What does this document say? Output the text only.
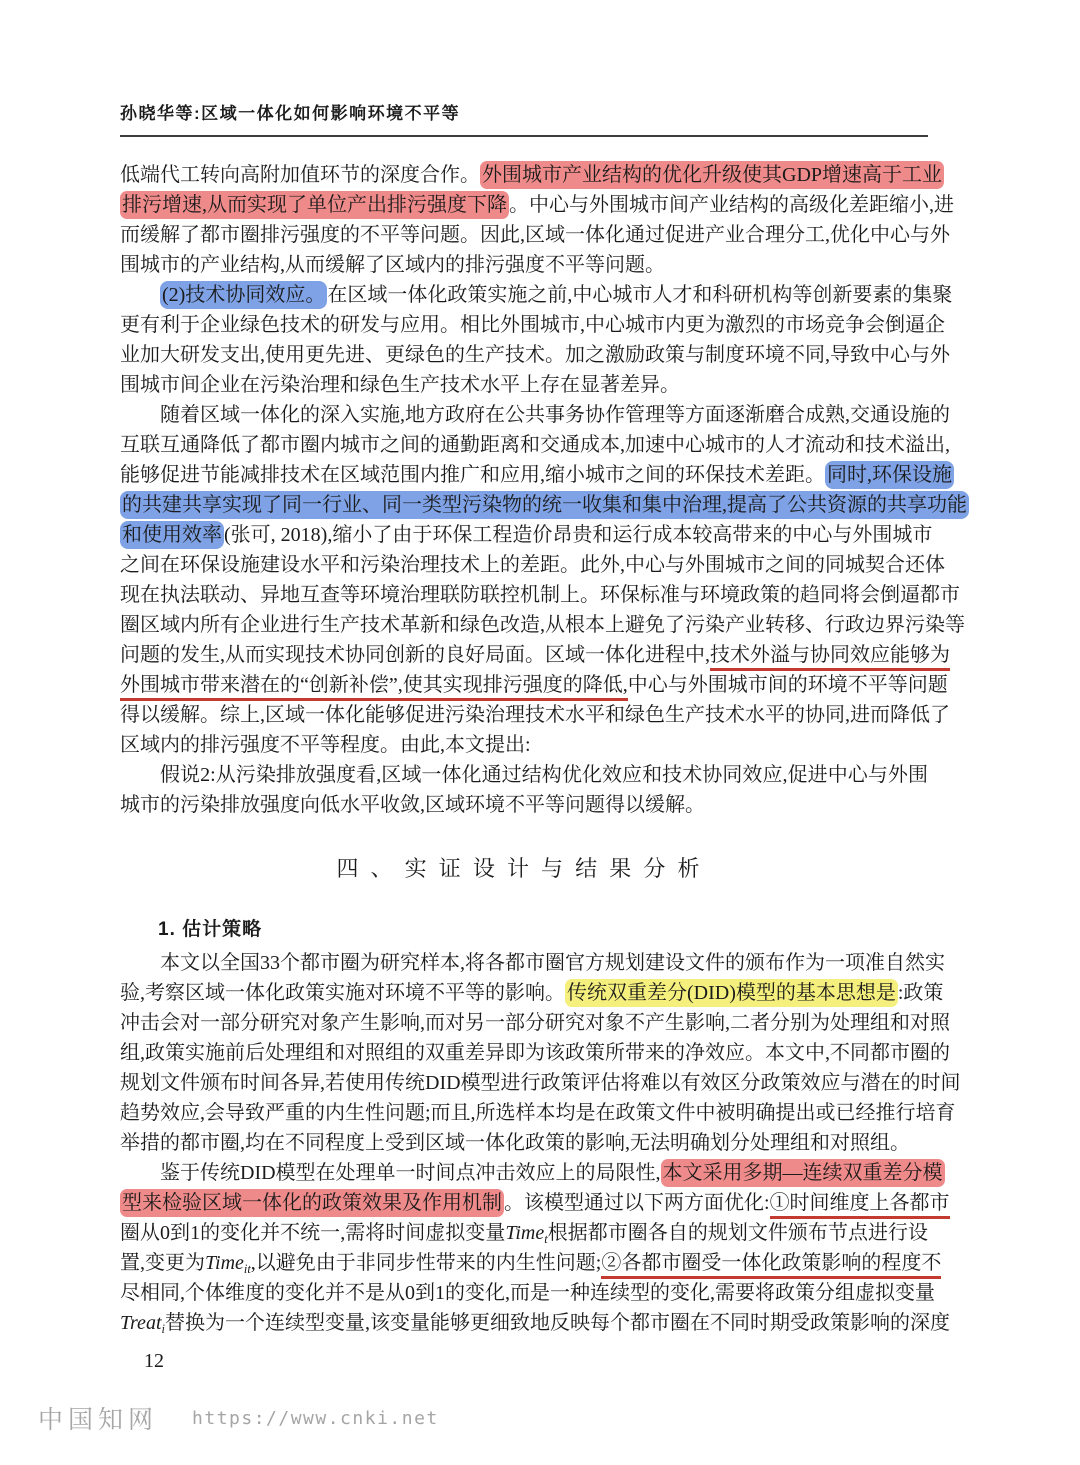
孙晓华等:区域一体化如何影响环境不平等
低端代工转向高附加值环节的深度合作。 外围城市产业结构的优化升级使其GDP增速高于工业
排污增速,从而实现了单位产出排污强度下降 。中心与外围城市间产业结构的高级化差距缩小,进
而缓解了都市圈排污强度的不平等问题。因此,区域一体化通过促进产业合理分工,优化中心与外
围城市的产业结构,从而缓解了区域内的排污强度不平等问题。
(2)技术协同效应。 在区域一体化政策实施之前,中心城市人才和科研机构等创新要素的集聚
更有利于企业绿色技术的研发与应用。相比外围城市,中心城市内更为激烈的市场竞争会倒逼企
业加大研发支出,使用更先进、更绿色的生产技术。加之激励政策与制度环境不同,导致中心与外
围城市间企业在污染治理和绿色生产技术水平上存在显著差异。
随着区域一体化的深入实施,地方政府在公共事务协作管理等方面逐渐磨合成熟,交通设施的
互联互通降低了都市圈内城市之间的通勤距离和交通成本,加速中心城市的人才流动和技术溢出,
能够促进节能减排技术在区域范围内推广和应用,缩小城市之间的环保技术差距。 同时,环保设施
的共建共享实现了同一行业、同一类型污染物的统一收集和集中治理,提高了公共资源的共享功能
和使用效率 (张可, 2018),缩小了由于环保工程造价昂贵和运行成本较高带来的中心与外围城市
之间在环保设施建设水平和污染治理技术上的差距。此外,中心与外围城市之间的同城契合还体
现在执法联动、异地互查等环境治理联防联控机制上。环保标准与环境政策的趋同将会倒逼都市
圈区域内所有企业进行生产技术革新和绿色改造,从根本上避免了污染产业转移、行政边界污染等
问题的发生,从而实现技术协同创新的良好局面。区域一体化进程中,技术外溢与协同效应能够为
外围城市带来潜在的“创新补偿”,使其实现排污强度的降低,中心与外围城市间的环境不平等问题
得以缓解。综上,区域一体化能够促进污染治理技术水平和绿色生产技术水平的协同,进而降低了
区域内的排污强度不平等程度。由此,本文提出:
假说2:从污染排放强度看,区域一体化通过结构优化效应和技术协同效应,促进中心与外围
城市的污染排放强度向低水平收敛,区域环境不平等问题得以缓解。
四、实证设计与结果分析
1. 估计策略
本文以全国33个都市圈为研究样本,将各都市圈官方规划建设文件的颁布作为一项准自然实
验,考察区域一体化政策实施对环境不平等的影响。 传统双重差分(DID)模型的基本思想是 :政策
冲击会对一部分研究对象产生影响,而对另一部分研究对象不产生影响,二者分别为处理组和对照
组,政策实施前后处理组和对照组的双重差异即为该政策所带来的净效应。本文中,不同都市圈的
规划文件颁布时间各异,若使用传统DID模型进行政策评估将难以有效区分政策效应与潜在的时间
趋势效应,会导致严重的内生性问题;而且,所选样本均是在政策文件中被明确提出或已经推行培育
举措的都市圈,均在不同程度上受到区域一体化政策的影响,无法明确划分处理组和对照组。
鉴于传统DID模型在处理单一时间点冲击效应上的局限性, 本文采用多期—连续双重差分模
型来检验区域一体化的政策效果及作用机制 。该模型通过以下两方面优化:①时间维度上各都市
圈从0到1的变化并不统一,需将时间虚拟变量Time$_t$根据都市圈各自的规划文件颁布节点进行设
置,变更为Time$_{it}$,以避免由于非同步性带来的内生性问题;②各都市圈受一体化政策影响的程度不
尽相同,个体维度的变化并不是从0到1的变化,而是一种连续型的变化,需要将政策分组虚拟变量
Treat$_i$替换为一个连续型变量,该变量能够更细致地反映每个都市圈在不同时期受政策影响的深度
12
中国知网 https://www.cnki.net
